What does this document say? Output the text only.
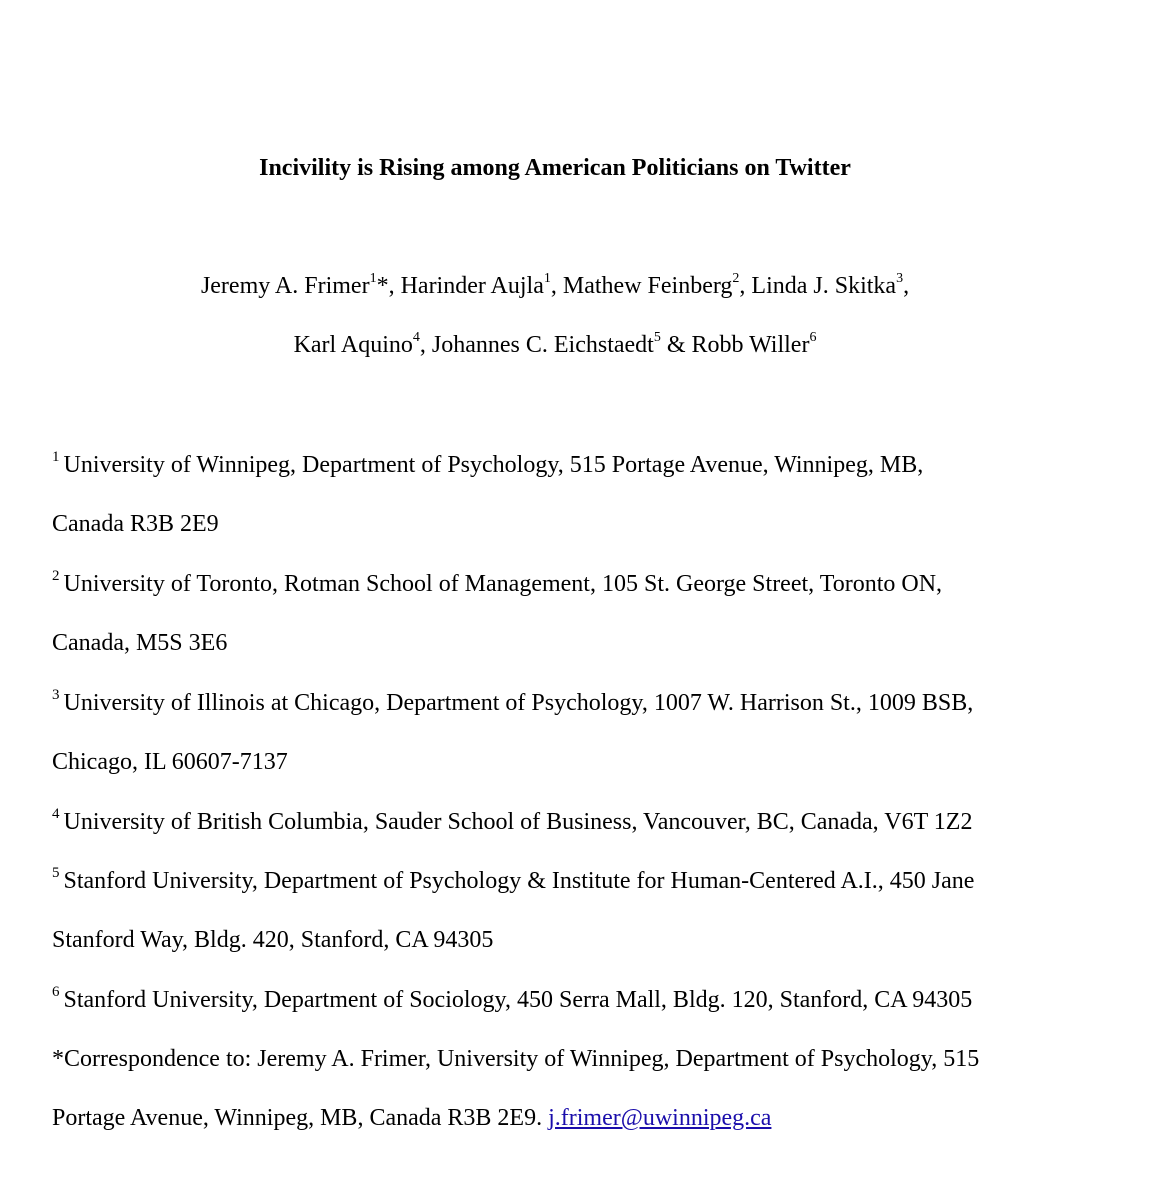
Incivility is Rising among American Politicians on Twitter
Jeremy A. Frimer$^1$*, Harinder Aujla$^1$, Mathew Feinberg$^2$, Linda J. Skitka$^3$,
Karl Aquino$^4$, Johannes C. Eichstaedt$^5$ & Robb Willer$^6$
$^1$ University of Winnipeg, Department of Psychology, 515 Portage Avenue, Winnipeg, MB,
Canada R3B 2E9
$^2$ University of Toronto, Rotman School of Management, 105 St. George Street, Toronto ON,
Canada, M5S 3E6
$^3$ University of Illinois at Chicago, Department of Psychology, 1007 W. Harrison St., 1009 BSB,
Chicago, IL 60607-7137
$^4$ University of British Columbia, Sauder School of Business, Vancouver, BC, Canada, V6T 1Z2
$^5$ Stanford University, Department of Psychology & Institute for Human-Centered A.I., 450 Jane
Stanford Way, Bldg. 420, Stanford, CA 94305
$^6$ Stanford University, Department of Sociology, 450 Serra Mall, Bldg. 120, Stanford, CA 94305
*Correspondence to: Jeremy A. Frimer, University of Winnipeg, Department of Psychology, 515
Portage Avenue, Winnipeg, MB, Canada R3B 2E9. j.frimer@uwinnipeg.ca
